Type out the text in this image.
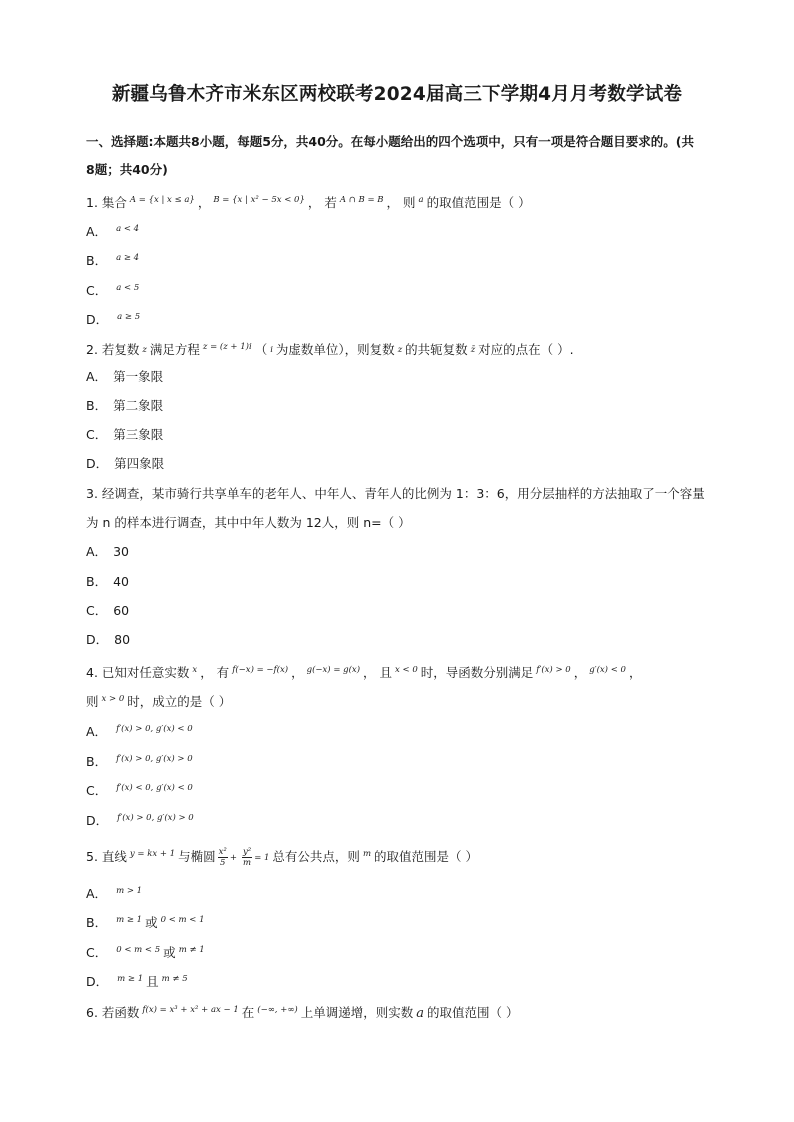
新疆乌鲁木齐市米东区两校联考2024届高三下学期4月月考数学试卷
一、选择题:本题共8小题，每题5分，共40分。在每小题给出的四个选项中，只有一项是符合题目要求的。(共
8题；共40分)
1. 集合 A = {x | x ≤ a} ， B = {x | x² − 5x < 0} ， 若 A ∩ B = B ， 则 a 的取值范围是（ ）
A． a < 4
B． a ≥ 4
C． a < 5
D． a ≥ 5
2. 若复数 z 满足方程 z = (z + 1)i （ i 为虚数单位），则复数 z 的共轭复数 z̄ 对应的点在（ ）.
A． 第一象限
B． 第二象限
C． 第三象限
D． 第四象限
3. 经调查，某市骑行共享单车的老年人、中年人、青年人的比例为 1：3：6，用分层抽样的方法抽取了一个容量
为 n 的样本进行调查，其中中年人数为 12人，则 n=（ ）
A． 30
B． 40
C． 60
D． 80
4. 已知对任意实数 x ， 有 f(−x) = −f(x) ， g(−x) = g(x) ， 且 x < 0 时，导函数分别满足 f′(x) > 0 ， g′(x) < 0 ，
则 x > 0 时，成立的是（ ）
A． f′(x) > 0, g′(x) < 0
B． f′(x) > 0, g′(x) > 0
C． f′(x) < 0, g′(x) < 0
D． f′(x) > 0, g′(x) > 0
5. 直线 y = kx + 1 与椭圆 $\frac{\text{x²}}{5} + \frac{\text{y²}}{m} = 1$ 总有公共点，则 m 的取值范围是（ ）
A． m > 1
B． m ≥ 1 或 0 < m < 1
C． 0 < m < 5 或 m ≠ 1
D． m ≥ 1 且 m ≠ 5
6. 若函数 f(x) = x³ + x² + ax − 1 在 (−∞, +∞) 上单调递增，则实数 a 的取值范围（ ）
